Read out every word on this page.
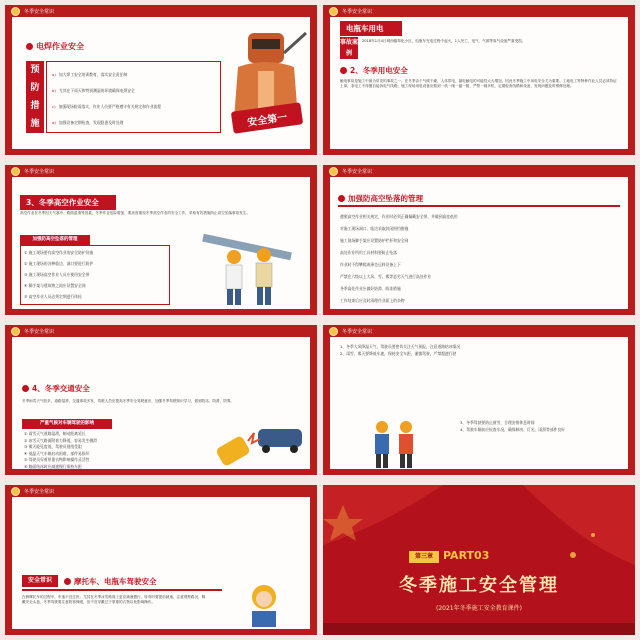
冬季安全常识
电焊作业安全
预
防
措
施
a) 加大焊工安全培训教育，落实安全责任制
b) 尤其在下雨天和特别潮湿的环境确保电焊安全
c) 加强现场防雨落实，作业人员要严格遵守有关规定和作业流程
d) 加强设备定期检查，发现隐患及时处理	安全第一
冬季安全常识
电瓶车用电
事故案例
2018年1月4日城西镇奉化小区，电瓶车充电过程中起火，1人死亡，电气、气源等原气设备严重受损。
2、冬季用电安全
触电事故是施工中最为常见的事故之一。在冬季由于气候干燥，人体带电，漏电触电的可能性大大增加，因此冬季施工中用电安全尤为重要。工地电工等特种作业人员必须持证上岗，非电工不得擅自接拆电气线路。施工现场用电设备应做到一机一闸一漏一箱，严禁一闸多机，定期检查线路和设备，发现问题及时维修处理。
冬季安全常识
3、冬季高空作业安全
高空作业在冬季因天气寒冷、路面湿滑等因素，冬季作业危险增加，要高度重视冬季高空作业的安全工作，采取有效措施防止高空坠落事故发生。
加强防高空坠落的管理
① 施工现场要有高空作业的安全防护设施
② 施工现场的各种临边、洞口要进行防护
③ 施工现场高空作业人员应使用安全带
④ 脚手架与建筑物之间应设置安全网
⑤ 高空作业人员必须定期进行体检
冬季安全常识
加强防高空坠落的管理
遵照高空作业相关规定，作业时必须正确佩戴安全带，并做到高挂低用
对施工现场洞口、临边采取封闭围挡措施
施工现场脚手架应设置防护栏杆和安全网
高处作业所用工具材料要防止坠落
作业时不得攀爬或乘坐运料设备上下
严禁在六级以上大风、雪、雾等恶劣天气进行高处作业
冬季高处作业应做好防滑、防冻措施
工作结束后应及时清理作业面上的杂物
冬季安全常识
4、冬季交通安全
冬季雨雪天气较多，道路湿滑，交通事故多发，驾驶人员应提高冬季安全驾驶意识，加强冬季驾驶知识学习，做到防冻、防滑、防雾。
严重气候对车辆驾驶的影响
① 雨雪天气道路湿滑，制动距离延长
② 冰雪天气路面附着力降低，容易发生侧滑
③ 雾天能见度低，驾驶员视线受阻
④ 低温天气车辆启动困难，部件易损坏
⑤ 驾驶员穿着厚重衣物影响操作灵活性
⑥ 路面结冰时应减速慢行保持车距
冬季安全常识
1、冬季大风降温天气，驾驶员要密切关注天气预报，注意道路结冰情况
2、雨雪、雾天要降低车速，保持安全车距，谨慎驾驶，严禁超速行驶
3、冬季驾驶要防止疲劳，合理安排休息时间
4、驾驶车辆前应检查车况，确保制动、灯光、雨刮等部件良好
冬季安全常识
安全常识	摩托车、电瓶车驾驶安全
在骑摩托车的过程中，车速不宜过快，尤其在冬季冰雪路面上更应减速慢行，转弯时要提前减速，注意观察路况，佩戴安全头盔，冬季驾驶要注意防寒保暖，但不宜穿戴过于厚重的衣物以免影响操作。
第三章 PART03
冬季施工安全管理
(2021年冬季施工安全教育课件)
